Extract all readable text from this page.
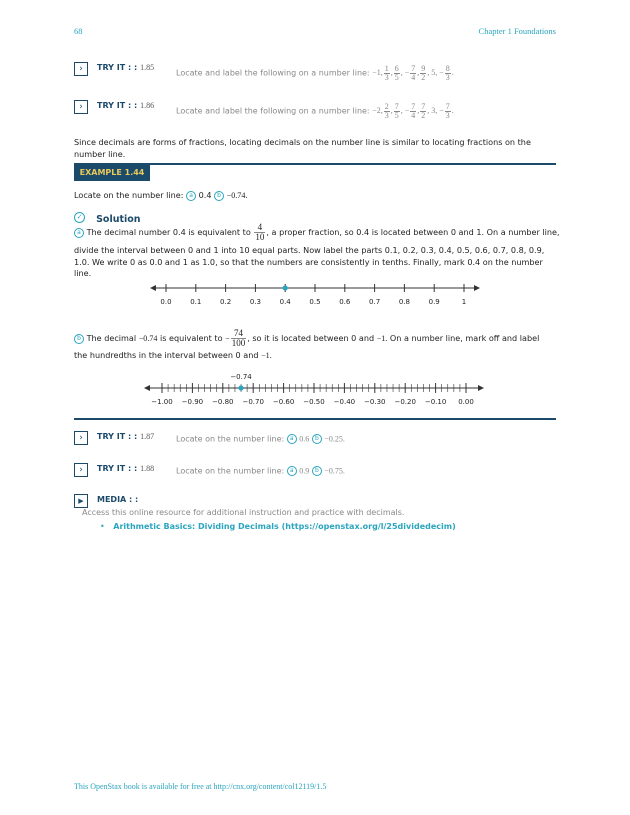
68	Chapter 1 Foundations
›	TRY IT : : 1.85
Locate and label the following on a number line: −1, $\frac{1}{3}$ , $\frac{6}{5}$ , − $\frac{7}{4}$ , $\frac{9}{2}$ , 5, − $\frac{8}{3}$ .
›	TRY IT : : 1.86
Locate and label the following on a number line: −2, $\frac{2}{3}$ , $\frac{7}{5}$ , − $\frac{7}{4}$ , $\frac{7}{2}$ , 3, − $\frac{7}{3}$ .
Since decimals are forms of fractions, locating decimals on the number line is similar to locating fractions on the number line.
EXAMPLE 1.44
Locate on the number line: a 0.4 b −0.74.
✓ Solution
a The decimal number 0.4 is equivalent to $\frac{4}{10}$ , a proper fraction, so 0.4 is located between 0 and 1. On a number line,
divide the interval between 0 and 1 into 10 equal parts. Now label the parts 0.1, 0.2, 0.3, 0.4, 0.5, 0.6, 0.7, 0.8, 0.9, 1.0. We write 0 as 0.0 and 1 as 1.0, so that the numbers are consistently in tenths. Finally, mark 0.4 on the number line.
0.0	0.1	0.2	0.3	0.4	0.5	0.6	0.7	0.8	0.9	1
b The decimal −0.74 is equivalent to − $\frac{74}{100}$ , so it is located between 0 and −1. On a number line, mark off and label
the hundredths in the interval between 0 and −1.
−1.00 −0.90 −0.80 −0.70 −0.60 −0.50 −0.40 −0.30 −0.20 −0.10 0.00
−0.74
›	TRY IT : : 1.87	Locate on the number line: a 0.6 b −0.25.
›	TRY IT : : 1.88	Locate on the number line: a 0.9 b −0.75.
▶	MEDIA : :
Access this online resource for additional instruction and practice with decimals.
• Arithmetic Basics: Dividing Decimals (https://openstax.org/l/25dividedecim)
This OpenStax book is available for free at http://cnx.org/content/col12119/1.5
